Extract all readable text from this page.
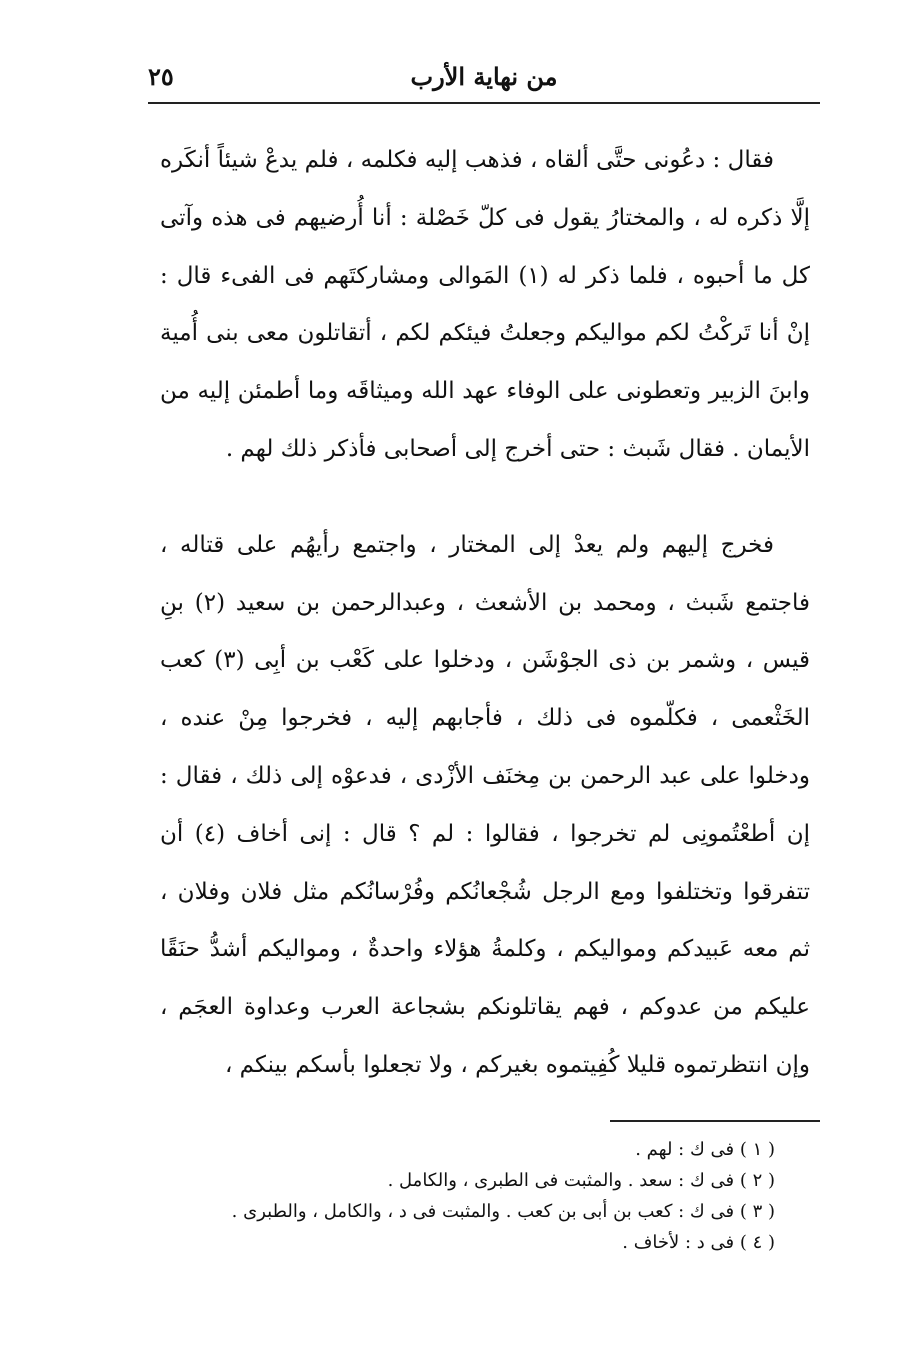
من نهاية الأرب
٢٥

فقال : دعُونى حتَّى ألقاه ، فذهب إليه فكلمه ، فلم يدعْ شيئاً أنكَره إلَّا ذكره له ، والمختارُ يقول فى كلّ خَصْلة : أنا أُرضيهم فى هذه وآتى كل ما أحبوه ، فلما ذكر له (١) المَوالى ومشاركتَهم فى الفىء قال : إنْ أنا تَركْتُ لكم مواليكم وجعلتُ فيئكم لكم ، أتقاتلون معى بنى أُمية وابنَ الزبير وتعطونى على الوفاء عهد الله وميثاقَه وما أطمئن إليه من الأيمان . فقال شَبث : حتى أخرج إلى أصحابى فأذكر ذلك لهم .

فخرج إليهم ولم يعدْ إلى المختار ، واجتمع رأيهُم على قتاله ، فاجتمع شَبث ، ومحمد بن الأشعث ، وعبدالرحمن بن سعيد (٢) بنِ قيس ، وشمر بن ذى الجوْشَن ، ودخلوا على كَعْب بن أبِى (٣) كعب الخَثْعمى ، فكلّموه فى ذلك ، فأجابهم إليه ، فخرجوا مِنْ عنده ، ودخلوا على عبد الرحمن بن مِخنَف الأزْدى ، فدعوْه إلى ذلك ، فقال : إن أطعْتُمونِى لم تخرجوا ، فقالوا : لم ؟ قال : إنى أخاف (٤) أن تتفرقوا وتختلفوا ومع الرجل شُجْعانُكم وفُرْسانُكم مثل فلان وفلان ، ثم معه عَبيدكم ومواليكم ، وكلمةُ هؤلاء واحدةٌ ، ومواليكم أشدُّ حنَقًا عليكم من عدوكم ، فهم يقاتلونكم بشجاعة العرب وعداوة العجَم ، وإن انتظرتموه قليلا كُفِيتموه بغيركم ، ولا تجعلوا بأسكم بينكم ،

( ١ ) فى ك : لهم .
( ٢ ) فى ك : سعد . والمثبت فى الطبرى ، والكامل .
( ٣ ) فى ك : كعب بن أبى بن كعب . والمثبت فى د ، والكامل ، والطبرى .
( ٤ ) فى د : لأخاف .
